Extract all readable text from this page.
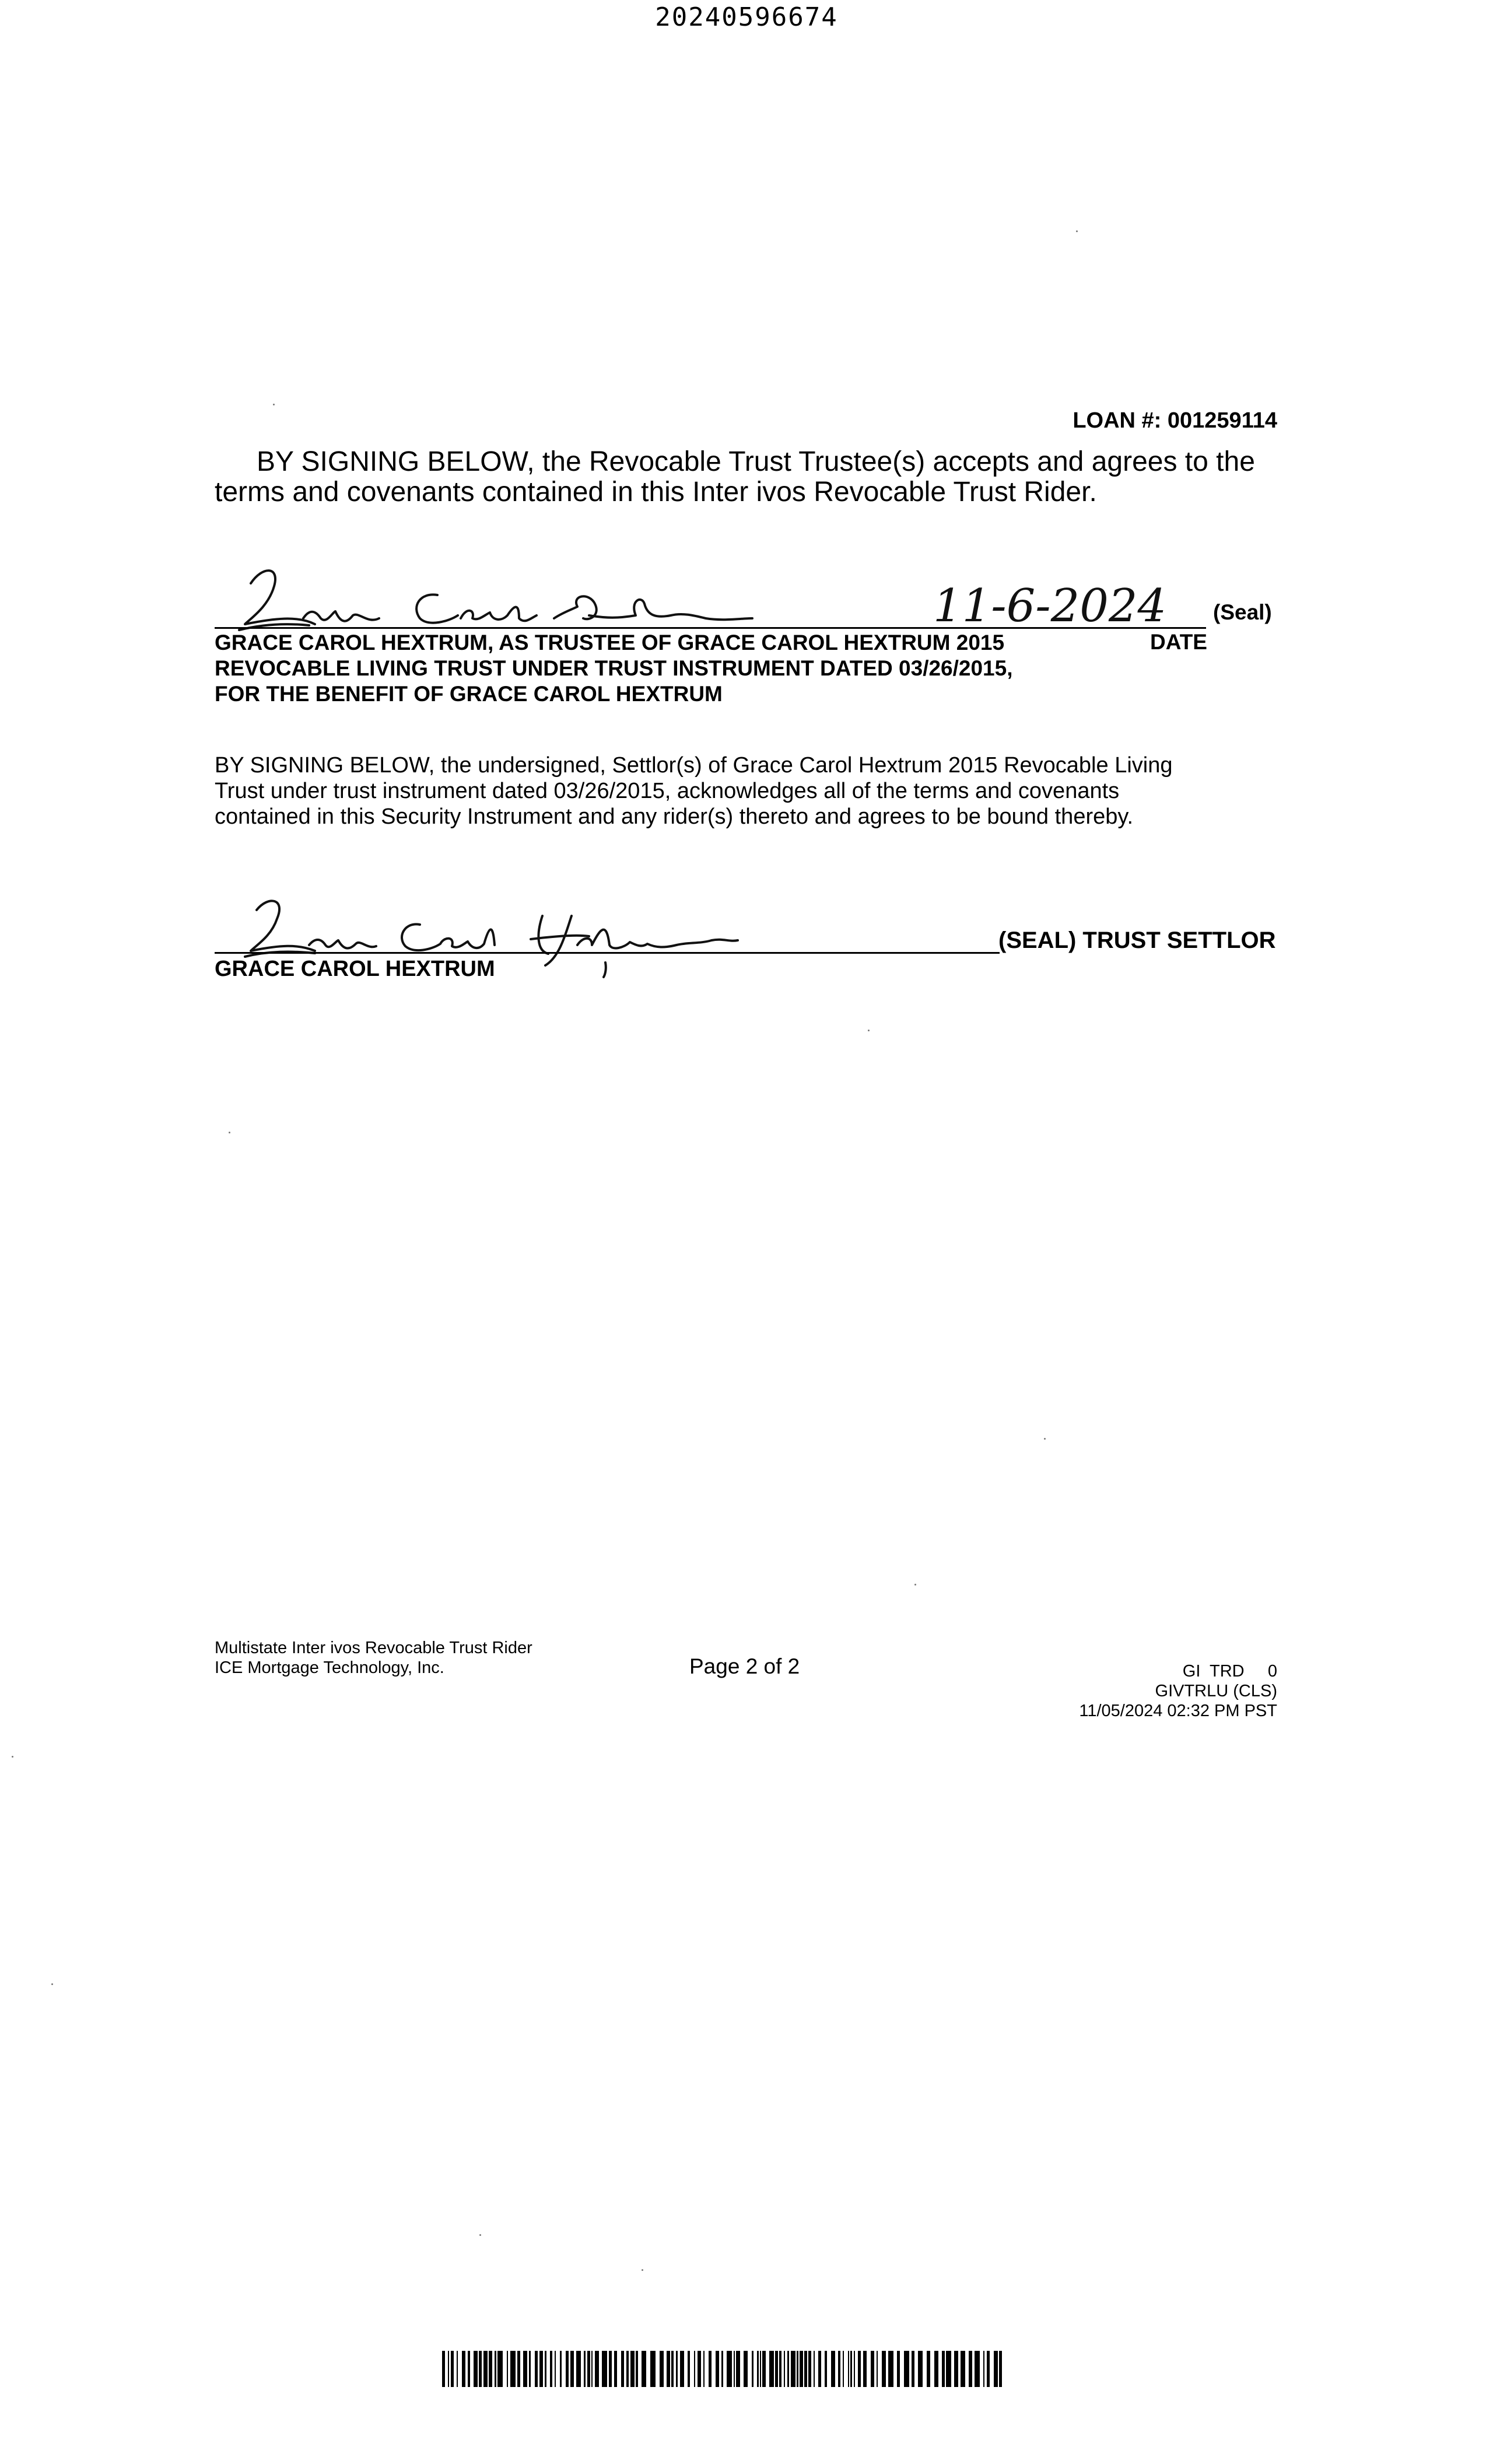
20240596674
LOAN #: 001259114
BY SIGNING BELOW, the Revocable Trust Trustee(s) accepts and agrees to the
terms and covenants contained in this Inter ivos Revocable Trust Rider.
11-6-2024 (Seal)
GRACE CAROL HEXTRUM, AS TRUSTEE OF GRACE CAROL HEXTRUM 2015
REVOCABLE LIVING TRUST UNDER TRUST INSTRUMENT DATED 03/26/2015,
FOR THE BENEFIT OF GRACE CAROL HEXTRUM
DATE
BY SIGNING BELOW, the undersigned, Settlor(s) of Grace Carol Hextrum 2015 Revocable Living
Trust under trust instrument dated 03/26/2015, acknowledges all of the terms and covenants
contained in this Security Instrument and any rider(s) thereto and agrees to be bound thereby.
(SEAL) TRUST SETTLOR
GRACE CAROL HEXTRUM
Multistate Inter ivos Revocable Trust Rider
ICE Mortgage Technology, Inc.	Page 2 of 2	GI  TRD     0
GIVTRLU (CLS)
11/05/2024 02:32 PM PST
